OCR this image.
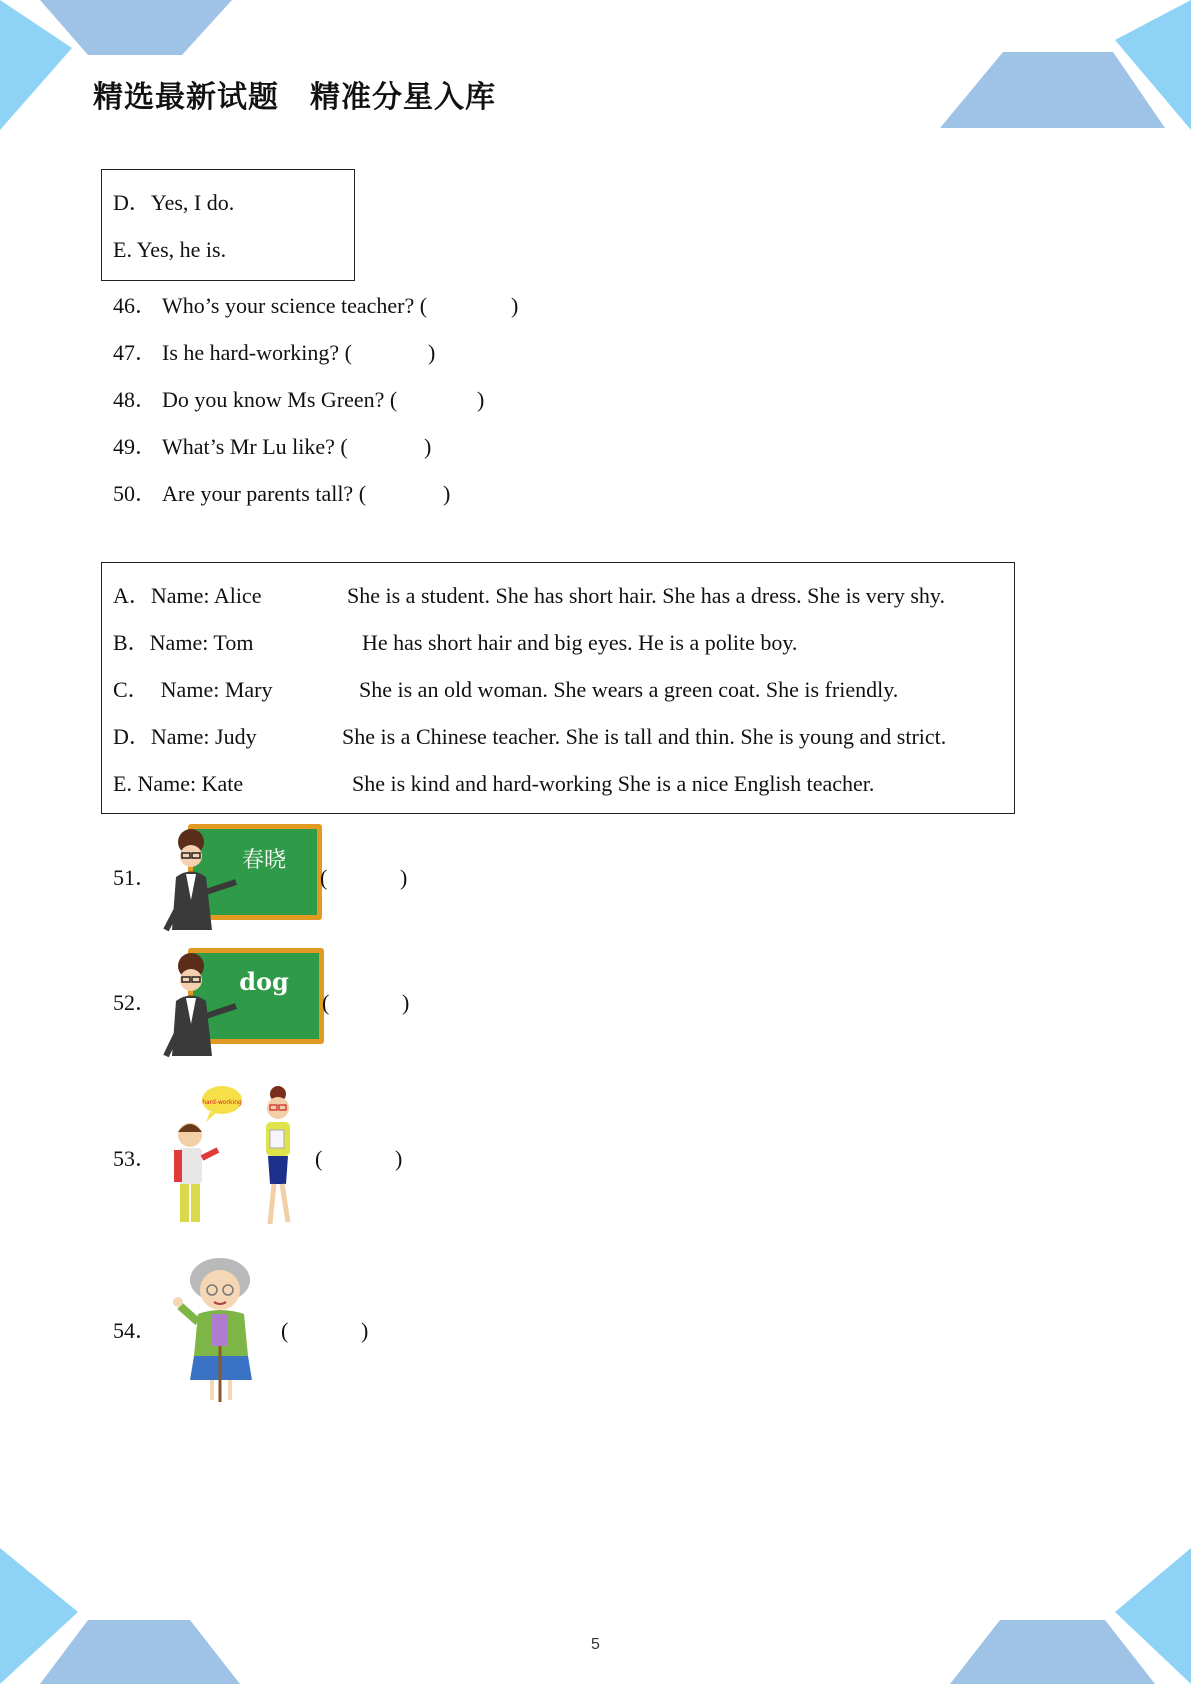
精选最新试题　精准分星入库
D．Yes, I do.
E. Yes, he is.
46． Who’s your science teacher? (	)
47． Is he hard-working? (	)
48． Do you know Ms Green? (	)
49． What’s Mr Lu like? (	)
50． Are your parents tall? (	)
A．Name: Alice	She is a student. She has short hair. She has a dress. She is very shy.
B．Name: Tom	He has short hair and big eyes. He is a polite boy.
C．  Name: Mary	She is an old woman. She wears a green coat. She is friendly.
D．Name: Judy	She is a Chinese teacher. She is tall and thin. She is young and strict.
E. Name: Kate	She is kind and hard-working She is a nice English teacher.
51．
春晓
(	)
52．
dog
(	)
53．
hard-working
(	)
54．	(	)
5
